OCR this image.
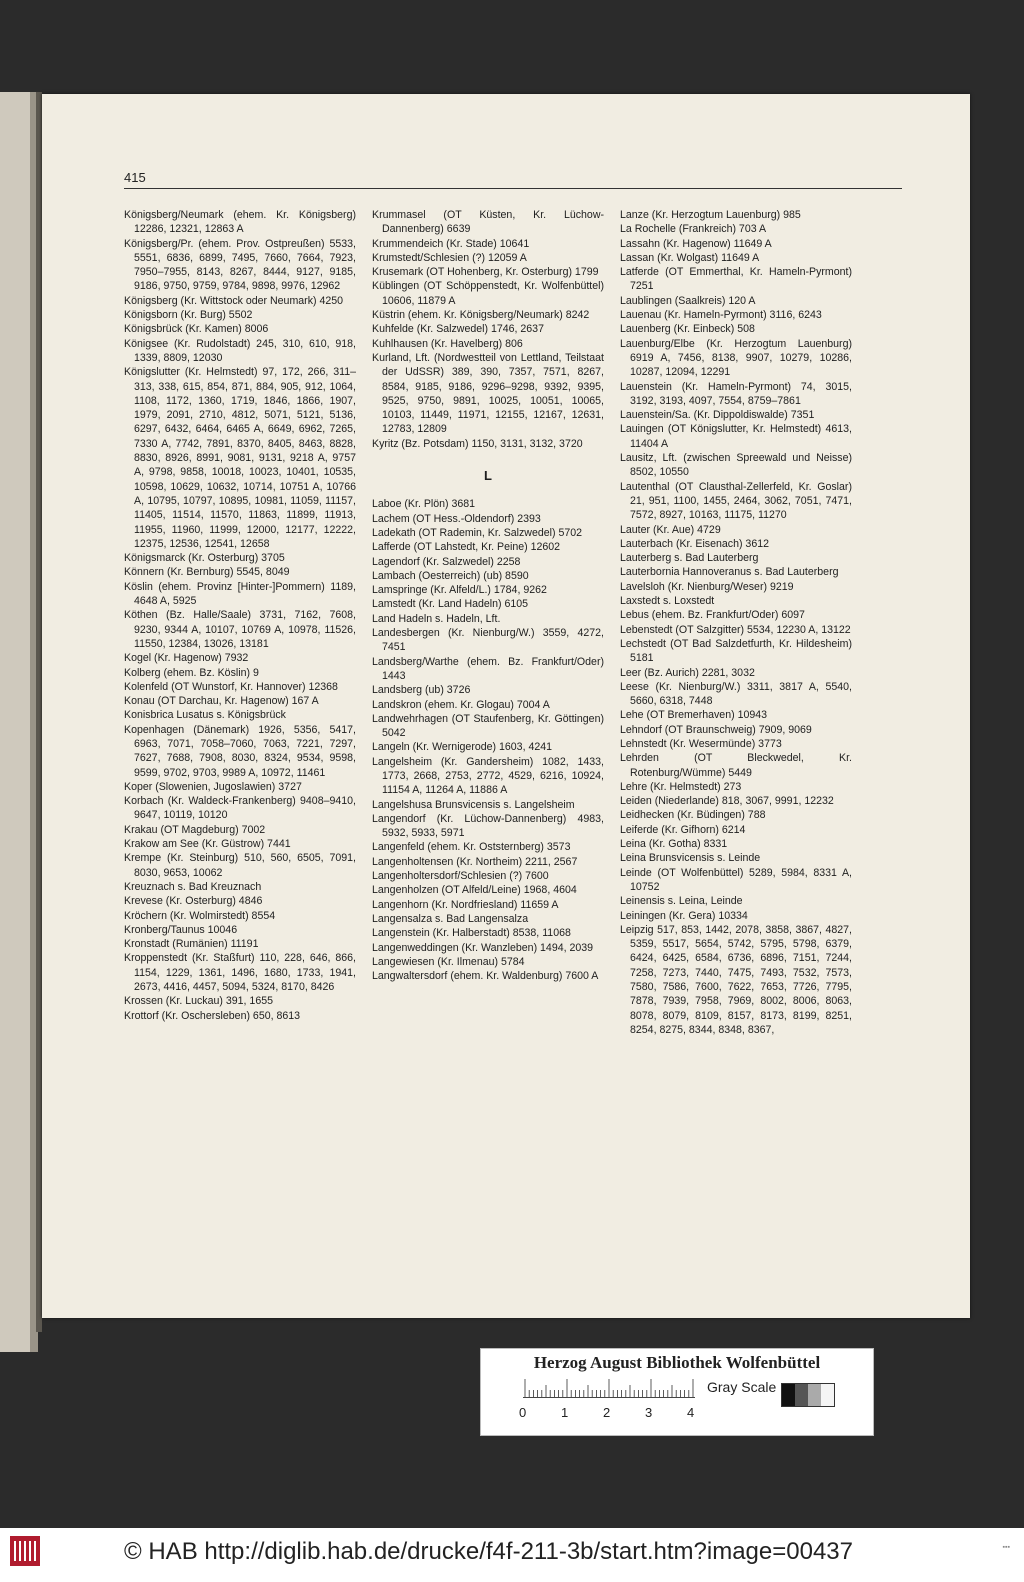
415

Königsberg/Neumark (ehem. Kr. Königsberg) 12286, 12321, 12863 A

Königsberg/Pr. (ehem. Prov. Ostpreußen) 5533, 5551, 6836, 6899, 7495, 7660, 7664, 7923, 7950–7955, 8143, 8267, 8444, 9127, 9185, 9186, 9750, 9759, 9784, 9898, 9976, 12962

Königsberg (Kr. Wittstock oder Neumark) 4250

Königsborn (Kr. Burg) 5502

Königsbrück (Kr. Kamen) 8006

Königsee (Kr. Rudolstadt) 245, 310, 610, 918, 1339, 8809, 12030

Königslutter (Kr. Helmstedt) 97, 172, 266, 311–313, 338, 615, 854, 871, 884, 905, 912, 1064, 1108, 1172, 1360, 1719, 1846, 1866, 1907, 1979, 2091, 2710, 4812, 5071, 5121, 5136, 6297, 6432, 6464, 6465 A, 6649, 6962, 7265, 7330 A, 7742, 7891, 8370, 8405, 8463, 8828, 8830, 8926, 8991, 9081, 9131, 9218 A, 9757 A, 9798, 9858, 10018, 10023, 10401, 10535, 10598, 10629, 10632, 10714, 10751 A, 10766 A, 10795, 10797, 10895, 10981, 11059, 11157, 11405, 11514, 11570, 11863, 11899, 11913, 11955, 11960, 11999, 12000, 12177, 12222, 12375, 12536, 12541, 12658

Königsmarck (Kr. Osterburg) 3705

Könnern (Kr. Bernburg) 5545, 8049

Köslin (ehem. Provinz [Hinter-]Pommern) 1189, 4648 A, 5925

Köthen (Bz. Halle/Saale) 3731, 7162, 7608, 9230, 9344 A, 10107, 10769 A, 10978, 11526, 11550, 12384, 13026, 13181

Kogel (Kr. Hagenow) 7932

Kolberg (ehem. Bz. Köslin) 9

Kolenfeld (OT Wunstorf, Kr. Hannover) 12368

Konau (OT Darchau, Kr. Hagenow) 167 A

Konisbrica Lusatus s. Königsbrück

Kopenhagen (Dänemark) 1926, 5356, 5417, 6963, 7071, 7058–7060, 7063, 7221, 7297, 7627, 7688, 7908, 8030, 8324, 9534, 9598, 9599, 9702, 9703, 9989 A, 10972, 11461

Koper (Slowenien, Jugoslawien) 3727

Korbach (Kr. Waldeck-Frankenberg) 9408–9410, 9647, 10119, 10120

Krakau (OT Magdeburg) 7002

Krakow am See (Kr. Güstrow) 7441

Krempe (Kr. Steinburg) 510, 560, 6505, 7091, 8030, 9653, 10062

Kreuznach s. Bad Kreuznach

Krevese (Kr. Osterburg) 4846

Kröchern (Kr. Wolmirstedt) 8554

Kronberg/Taunus 10046

Kronstadt (Rumänien) 11191

Kroppenstedt (Kr. Staßfurt) 110, 228, 646, 866, 1154, 1229, 1361, 1496, 1680, 1733, 1941, 2673, 4416, 4457, 5094, 5324, 8170, 8426

Krossen (Kr. Luckau) 391, 1655

Krottorf (Kr. Oschersleben) 650, 8613

Krummasel (OT Küsten, Kr. Lüchow-Dannenberg) 6639

Krummendeich (Kr. Stade) 10641

Krumstedt/Schlesien (?) 12059 A

Krusemark (OT Hohenberg, Kr. Osterburg) 1799

Küblingen (OT Schöppenstedt, Kr. Wolfenbüttel) 10606, 11879 A

Küstrin (ehem. Kr. Königsberg/Neumark) 8242

Kuhfelde (Kr. Salzwedel) 1746, 2637

Kuhlhausen (Kr. Havelberg) 806

Kurland, Lft. (Nordwestteil von Lettland, Teilstaat der UdSSR) 389, 390, 7357, 7571, 8267, 8584, 9185, 9186, 9296–9298, 9392, 9395, 9525, 9750, 9891, 10025, 10051, 10065, 10103, 11449, 11971, 12155, 12167, 12631, 12783, 12809

Kyritz (Bz. Potsdam) 1150, 3131, 3132, 3720

L

Laboe (Kr. Plön) 3681

Lachem (OT Hess.-Oldendorf) 2393

Ladekath (OT Rademin, Kr. Salzwedel) 5702

Lafferde (OT Lahstedt, Kr. Peine) 12602

Lagendorf (Kr. Salzwedel) 2258

Lambach (Oesterreich) (ub) 8590

Lamspringe (Kr. Alfeld/L.) 1784, 9262

Lamstedt (Kr. Land Hadeln) 6105

Land Hadeln s. Hadeln, Lft.

Landesbergen (Kr. Nienburg/W.) 3559, 4272, 7451

Landsberg/Warthe (ehem. Bz. Frankfurt/Oder) 1443

Landsberg (ub) 3726

Landskron (ehem. Kr. Glogau) 7004 A

Landwehrhagen (OT Staufenberg, Kr. Göttingen) 5042

Langeln (Kr. Wernigerode) 1603, 4241

Langelsheim (Kr. Gandersheim) 1082, 1433, 1773, 2668, 2753, 2772, 4529, 6216, 10924, 11154 A, 11264 A, 11886 A

Langelshusa Brunsvicensis s. Langelsheim

Langendorf (Kr. Lüchow-Dannenberg) 4983, 5932, 5933, 5971

Langenfeld (ehem. Kr. Oststernberg) 3573

Langenholtensen (Kr. Northeim) 2211, 2567

Langenholtersdorf/Schlesien (?) 7600

Langenholzen (OT Alfeld/Leine) 1968, 4604

Langenhorn (Kr. Nordfriesland) 11659 A

Langensalza s. Bad Langensalza

Langenstein (Kr. Halberstadt) 8538, 11068

Langenweddingen (Kr. Wanzleben) 1494, 2039

Langewiesen (Kr. Ilmenau) 5784

Langwaltersdorf (ehem. Kr. Waldenburg) 7600 A

Lanze (Kr. Herzogtum Lauenburg) 985

La Rochelle (Frankreich) 703 A

Lassahn (Kr. Hagenow) 11649 A

Lassan (Kr. Wolgast) 11649 A

Latferde (OT Emmerthal, Kr. Hameln-Pyrmont) 7251

Laublingen (Saalkreis) 120 A

Lauenau (Kr. Hameln-Pyrmont) 3116, 6243

Lauenberg (Kr. Einbeck) 508

Lauenburg/Elbe (Kr. Herzogtum Lauenburg) 6919 A, 7456, 8138, 9907, 10279, 10286, 10287, 12094, 12291

Lauenstein (Kr. Hameln-Pyrmont) 74, 3015, 3192, 3193, 4097, 7554, 8759–7861

Lauenstein/Sa. (Kr. Dippoldiswalde) 7351

Lauingen (OT Königslutter, Kr. Helmstedt) 4613, 11404 A

Lausitz, Lft. (zwischen Spreewald und Neisse) 8502, 10550

Lautenthal (OT Clausthal-Zellerfeld, Kr. Goslar) 21, 951, 1100, 1455, 2464, 3062, 7051, 7471, 7572, 8927, 10163, 11175, 11270

Lauter (Kr. Aue) 4729

Lauterbach (Kr. Eisenach) 3612

Lauterberg s. Bad Lauterberg

Lauterbornia Hannoveranus s. Bad Lauterberg

Lavelsloh (Kr. Nienburg/Weser) 9219

Laxstedt s. Loxstedt

Lebus (ehem. Bz. Frankfurt/Oder) 6097

Lebenstedt (OT Salzgitter) 5534, 12230 A, 13122

Lechstedt (OT Bad Salzdetfurth, Kr. Hildesheim) 5181

Leer (Bz. Aurich) 2281, 3032

Leese (Kr. Nienburg/W.) 3311, 3817 A, 5540, 5660, 6318, 7448

Lehe (OT Bremerhaven) 10943

Lehndorf (OT Braunschweig) 7909, 9069

Lehnstedt (Kr. Wesermünde) 3773

Lehrden (OT Bleckwedel, Kr. Rotenburg/Wümme) 5449

Lehre (Kr. Helmstedt) 273

Leiden (Niederlande) 818, 3067, 9991, 12232

Leidhecken (Kr. Büdingen) 788

Leiferde (Kr. Gifhorn) 6214

Leina (Kr. Gotha) 8331

Leina Brunsvicensis s. Leinde

Leinde (OT Wolfenbüttel) 5289, 5984, 8331 A, 10752

Leinensis s. Leina, Leinde

Leiningen (Kr. Gera) 10334

Leipzig 517, 853, 1442, 2078, 3858, 3867, 4827, 5359, 5517, 5654, 5742, 5795, 5798, 6379, 6424, 6425, 6584, 6736, 6896, 7151, 7244, 7258, 7273, 7440, 7475, 7493, 7532, 7573, 7580, 7586, 7600, 7622, 7653, 7726, 7795, 7878, 7939, 7958, 7969, 8002, 8006, 8063, 8078, 8079, 8109, 8157, 8173, 8199, 8251, 8254, 8275, 8344, 8348, 8367,

Herzog August Bibliothek Wolfenbüttel
0	1	2	3	4
Gray Scale
© HAB http://diglib.hab.de/drucke/f4f-211-3b/start.htm?image=00437	▪▪▪
